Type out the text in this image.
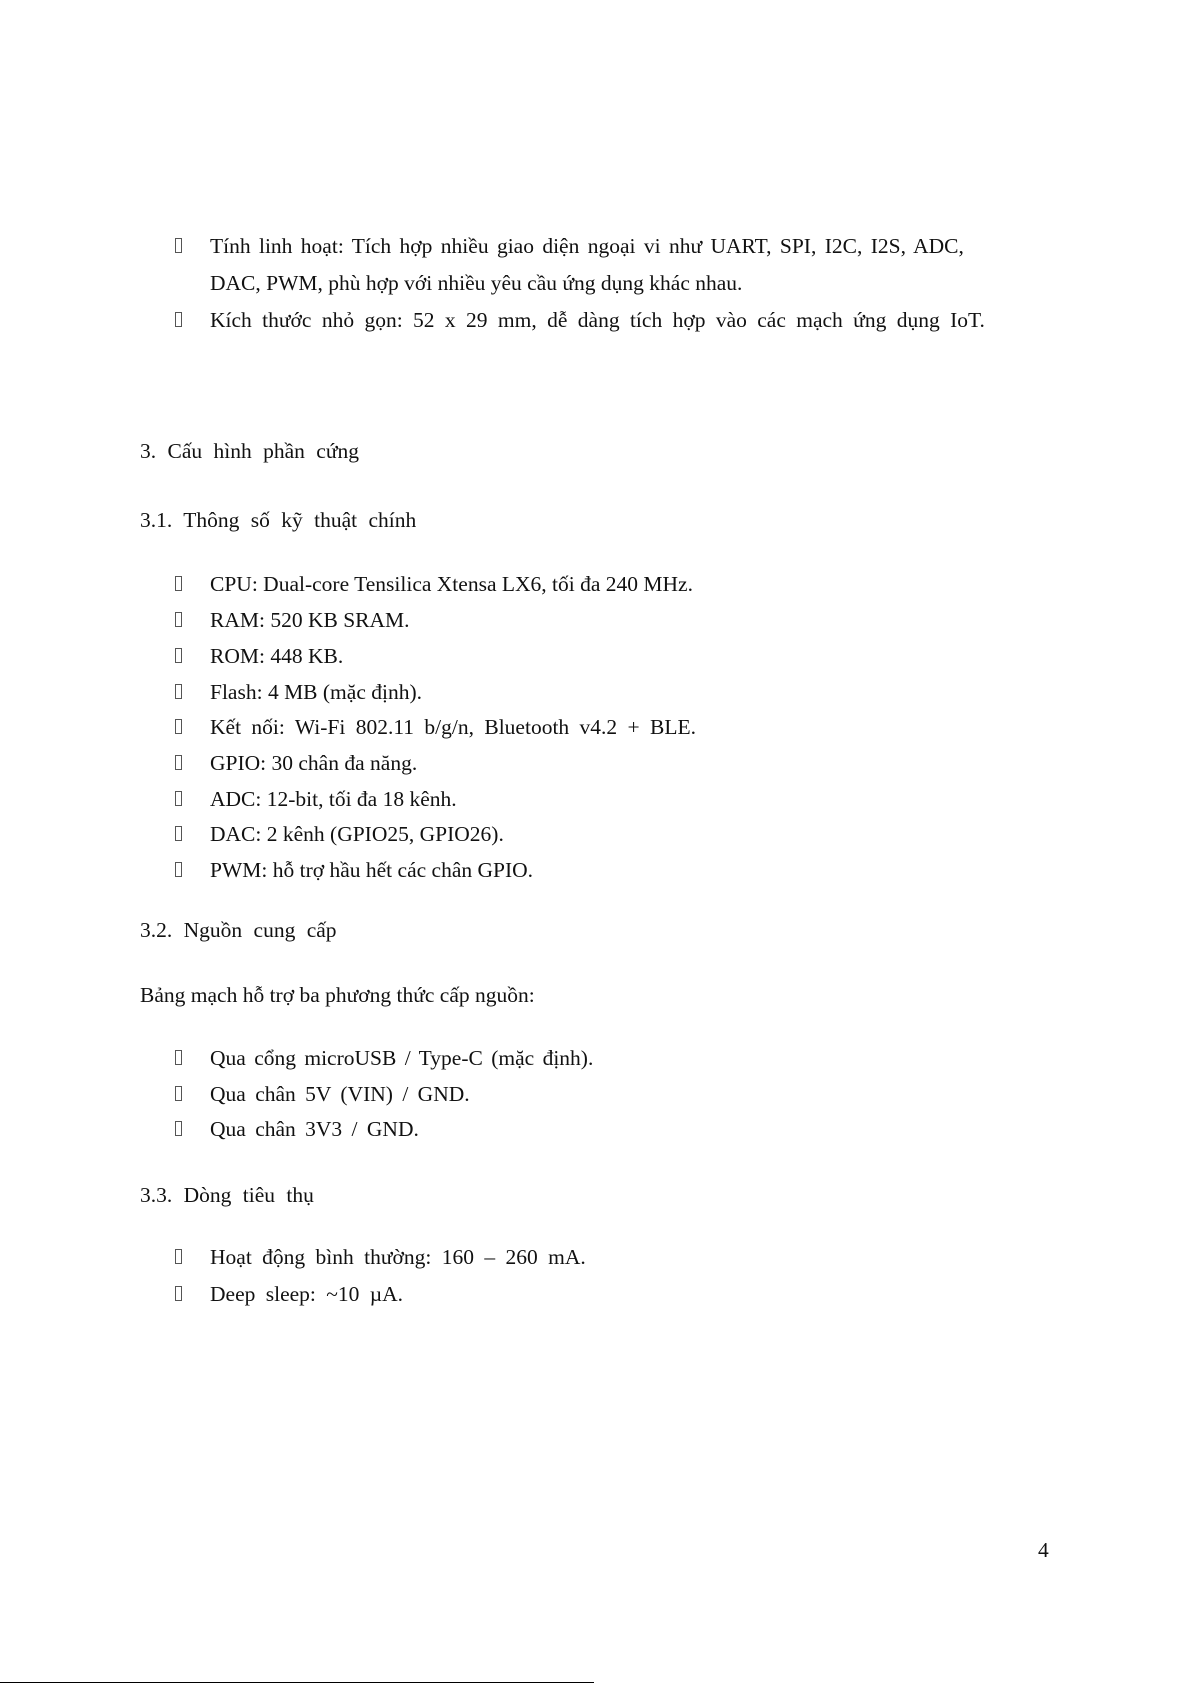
Tính linh hoạt: Tích hợp nhiều giao diện ngoại vi như UART, SPI, I2C, I2S, ADC,
DAC, PWM, phù hợp với nhiều yêu cầu ứng dụng khác nhau.
Kích thước nhỏ gọn: 52 x 29 mm, dễ dàng tích hợp vào các mạch ứng dụng IoT.
3. Cấu hình phần cứng
3.1. Thông số kỹ thuật chính
CPU: Dual-core Tensilica Xtensa LX6, tối đa 240 MHz.
RAM: 520 KB SRAM.
ROM: 448 KB.
Flash: 4 MB (mặc định).
Kết nối: Wi-Fi 802.11 b/g/n, Bluetooth v4.2 + BLE.
GPIO: 30 chân đa năng.
ADC: 12-bit, tối đa 18 kênh.
DAC: 2 kênh (GPIO25, GPIO26).
PWM: hỗ trợ hầu hết các chân GPIO.
3.2. Nguồn cung cấp
Bảng mạch hỗ trợ ba phương thức cấp nguồn:
Qua cổng microUSB / Type-C (mặc định).
Qua chân 5V (VIN) / GND.
Qua chân 3V3 / GND.
3.3. Dòng tiêu thụ
Hoạt động bình thường: 160 – 260 mA.
Deep sleep: ~10 µA.
4
